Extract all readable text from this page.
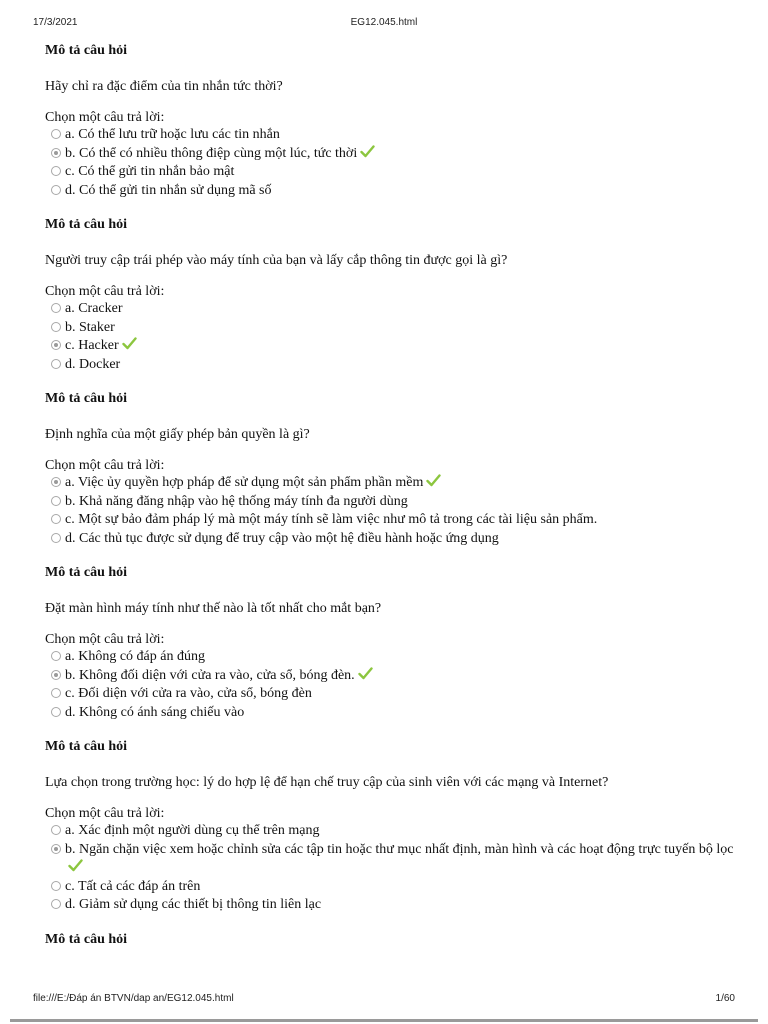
17/3/2021	EG12.045.html
Mô tả câu hỏi
Hãy chỉ ra đặc điểm của tin nhắn tức thời?
Chọn một câu trả lời:
a. Có thể lưu trữ hoặc lưu các tin nhắn
b. Có thể có nhiều thông điệp cùng một lúc, tức thời
c. Có thể gửi tin nhắn bảo mật
d. Có thể gửi tin nhắn sử dụng mã số
Mô tả câu hỏi
Người truy cập trái phép vào máy tính của bạn và lấy cắp thông tin được gọi là gì?
Chọn một câu trả lời:
a. Cracker
b. Staker
c. Hacker
d. Docker
Mô tả câu hỏi
Định nghĩa của một giấy phép bản quyền là gì?
Chọn một câu trả lời:
a. Việc ủy quyền hợp pháp để sử dụng một sản phẩm phần mềm
b. Khả năng đăng nhập vào hệ thống máy tính đa người dùng
c. Một sự bảo đảm pháp lý mà một máy tính sẽ làm việc như mô tả trong các tài liệu sản phẩm.
d. Các thủ tục được sử dụng để truy cập vào một hệ điều hành hoặc ứng dụng
Mô tả câu hỏi
Đặt màn hình máy tính như thế nào là tốt nhất cho mắt bạn?
Chọn một câu trả lời:
a. Không có đáp án đúng
b. Không đối diện với cửa ra vào, cửa sổ, bóng đèn.
c. Đối diện với cửa ra vào, cửa sổ, bóng đèn
d. Không có ánh sáng chiếu vào
Mô tả câu hỏi
Lựa chọn trong trường học: lý do hợp lệ để hạn chế truy cập của sinh viên với các mạng và Internet?
Chọn một câu trả lời:
a. Xác định một người dùng cụ thể trên mạng
b. Ngăn chặn việc xem hoặc chỉnh sửa các tập tin hoặc thư mục nhất định, màn hình và các hoạt động trực tuyến bộ lọc
c. Tất cả các đáp án trên
d. Giảm sử dụng các thiết bị thông tin liên lạc
Mô tả câu hỏi
file:///E:/Đáp án BTVN/dap an/EG12.045.html	1/60
